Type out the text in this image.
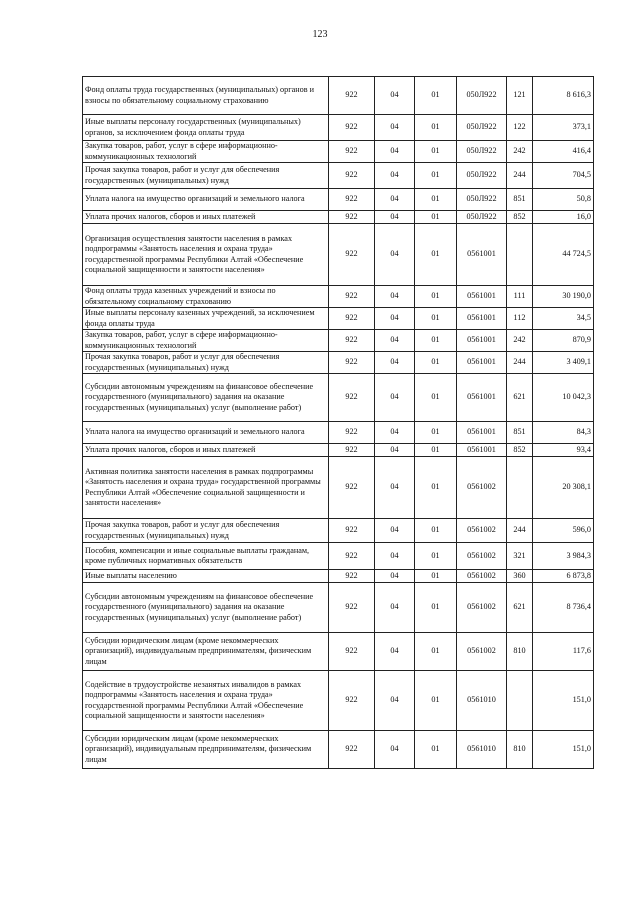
123
Фонд оплаты труда государственных (муниципальных) органов и взносы по обязательному социальному страхованию	922	04	01	050Л922	121	8 616,3
Иные выплаты персоналу государственных (муниципальных) органов, за исключением фонда оплаты труда	922	04	01	050Л922	122	373,1
Закупка товаров, работ, услуг в сфере информационно-коммуникационных технологий	922	04	01	050Л922	242	416,4
Прочая закупка товаров, работ и услуг для обеспечения государственных (муниципальных) нужд	922	04	01	050Л922	244	704,5
Уплата налога на имущество организаций и земельного налога	922	04	01	050Л922	851	50,8
Уплата прочих налогов, сборов и иных платежей	922	04	01	050Л922	852	16,0
Организация осуществления занятости населения в рамках подпрограммы «Занятость населения и охрана труда» государственной программы Республики Алтай «Обеспечение социальной защищенности и занятости населения»	922	04	01	0561001		44 724,5
Фонд оплаты труда казенных учреждений и взносы по обязательному социальному страхованию	922	04	01	0561001	111	30 190,0
Иные выплаты персоналу казенных учреждений, за исключением фонда оплаты труда	922	04	01	0561001	112	34,5
Закупка товаров, работ, услуг в сфере информационно-коммуникационных технологий	922	04	01	0561001	242	870,9
Прочая закупка товаров, работ и услуг для обеспечения государственных (муниципальных) нужд	922	04	01	0561001	244	3 409,1
Субсидии автономным учреждениям на финансовое обеспечение государственного (муниципального) задания на оказание государственных (муниципальных) услуг (выполнение работ)	922	04	01	0561001	621	10 042,3
Уплата налога на имущество организаций и земельного налога	922	04	01	0561001	851	84,3
Уплата прочих налогов, сборов и иных платежей	922	04	01	0561001	852	93,4
Активная политика занятости населения в рамках подпрограммы «Занятость населения и охрана труда» государственной программы Республики Алтай «Обеспечение социальной защищенности и занятости населения»	922	04	01	0561002		20 308,1
Прочая закупка товаров, работ и услуг для обеспечения государственных (муниципальных) нужд	922	04	01	0561002	244	596,0
Пособия, компенсации и иные социальные выплаты гражданам, кроме публичных нормативных обязательств	922	04	01	0561002	321	3 984,3
Иные выплаты населению	922	04	01	0561002	360	6 873,8
Субсидии автономным учреждениям на финансовое обеспечение государственного (муниципального) задания на оказание государственных (муниципальных) услуг (выполнение работ)	922	04	01	0561002	621	8 736,4
Субсидии юридическим лицам (кроме некоммерческих организаций), индивидуальным предпринимателям, физическим лицам	922	04	01	0561002	810	117,6
Содействие в трудоустройстве незанятых инвалидов в рамках подпрограммы «Занятость населения и охрана труда» государственной программы Республики Алтай «Обеспечение социальной защищенности и занятости населения»	922	04	01	0561010		151,0
Субсидии юридическим лицам (кроме некоммерческих организаций), индивидуальным предпринимателям, физическим лицам	922	04	01	0561010	810	151,0
